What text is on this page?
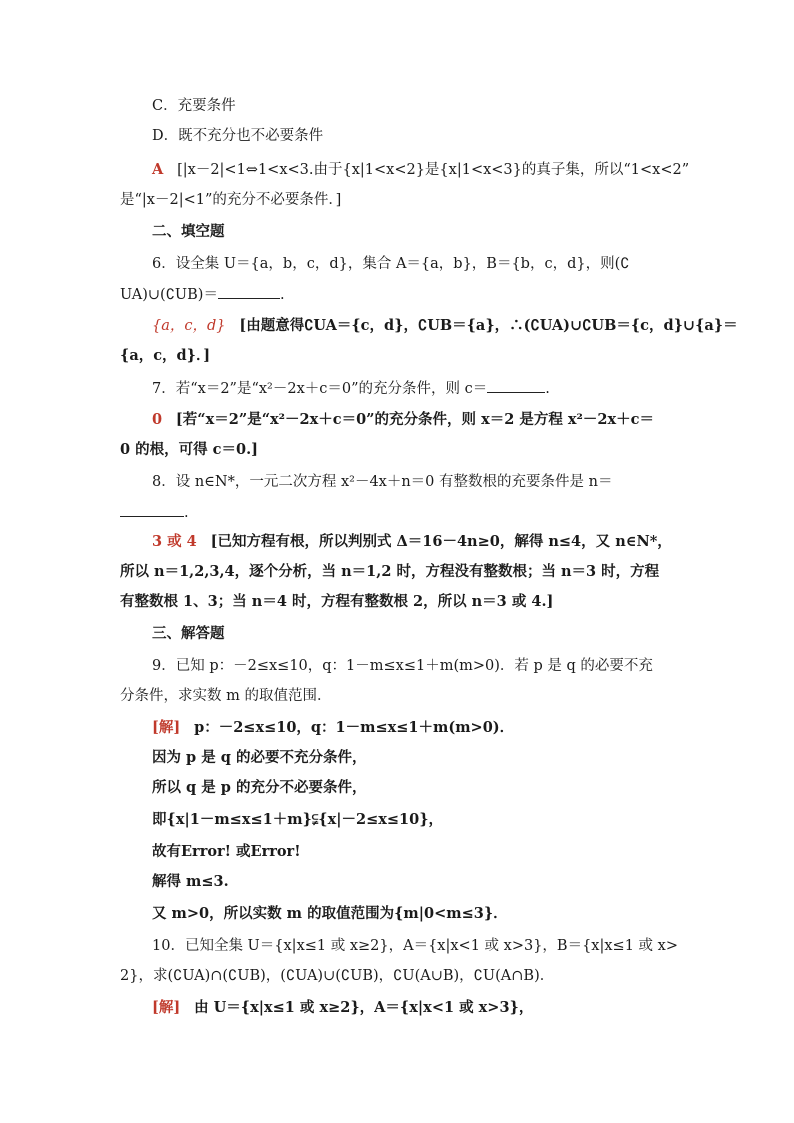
C．充要条件
D．既不充分也不必要条件
A [|x－2|<1⇔1<x<3.由于{x|1<x<2}是{x|1<x<3}的真子集，所以“1<x<2”
是“|x－2|<1”的充分不必要条件．]
二、填空题
6．设全集 U＝{a，b，c，d}，集合 A＝{a，b}，B＝{b，c，d}，则(∁
UA)∪(∁UB)＝	.
{a，c，d} [由题意得∁UA＝{c，d}，∁UB＝{a}，∴(∁UA)∪∁UB＝{c，d}∪{a}＝
{a，c，d}．]
7．若“x＝2”是“x²－2x＋c＝0”的充分条件，则 c＝	.
0 [若“x＝2”是“x²－2x＋c＝0”的充分条件，则 x＝2 是方程 x²－2x＋c＝
0 的根，可得 c＝0.]
8．设 n∈N*，一元二次方程 x²－4x＋n＝0 有整数根的充要条件是 n＝
.
3 或 4 [已知方程有根，所以判别式 Δ＝16－4n≥0，解得 n≤4，又 n∈N*，
所以 n＝1,2,3,4，逐个分析，当 n＝1,2 时，方程没有整数根；当 n＝3 时，方程
有整数根 1、3；当 n＝4 时，方程有整数根 2，所以 n＝3 或 4.]
三、解答题
9．已知 p：－2≤x≤10，q：1－m≤x≤1＋m(m>0)．若 p 是 q 的必要不充
分条件，求实数 m 的取值范围．
[解] p：－2≤x≤10，q：1－m≤x≤1＋m(m>0)．
因为 p 是 q 的必要不充分条件，
所以 q 是 p 的充分不必要条件，
即{x|1－m≤x≤1＋m}⫋{x|－2≤x≤10}，
故有Error! 或Error!
解得 m≤3.
又 m>0，所以实数 m 的取值范围为{m|0<m≤3}．
10．已知全集 U＝{x|x≤1 或 x≥2}，A＝{x|x<1 或 x>3}，B＝{x|x≤1 或 x>
2}，求(∁UA)∩(∁UB)，(∁UA)∪(∁UB)，∁U(A∪B)，∁U(A∩B)．
[解] 由 U＝{x|x≤1 或 x≥2}，A＝{x|x<1 或 x>3}，
